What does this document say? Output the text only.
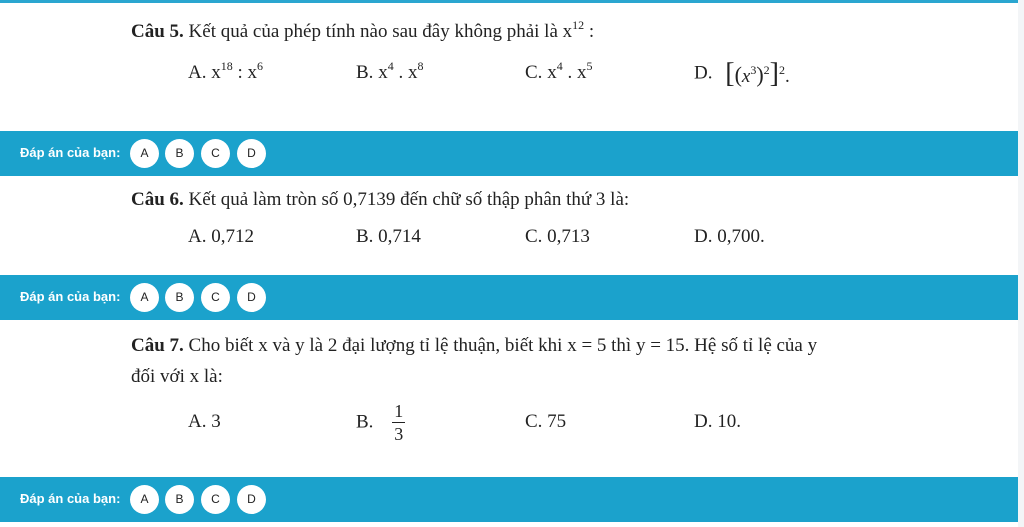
Câu 5. Kết quả của phép tính nào sau đây không phải là $x^{12}$ :
A. $x^{18}$ : $x^6$	B. $x^4$ . $x^8$	C. $x^4$ . $x^5$	D. $[(x^3)^2]^2$.
Đáp án của bạn:	A	B	C	D
Câu 6. Kết quả làm tròn số 0,7139 đến chữ số thập phân thứ 3 là:
A. 0,712	B. 0,714	C. 0,713	D. 0,700.
Đáp án của bạn:	A	B	C	D
Câu 7. Cho biết x và y là 2 đại lượng tỉ lệ thuận, biết khi x = 5 thì y = 15. Hệ số tỉ lệ của y
đối với x là:
A. 3	B. $\frac{1}{3}$	C. 75	D. 10.
Đáp án của bạn:	A	B	C	D
